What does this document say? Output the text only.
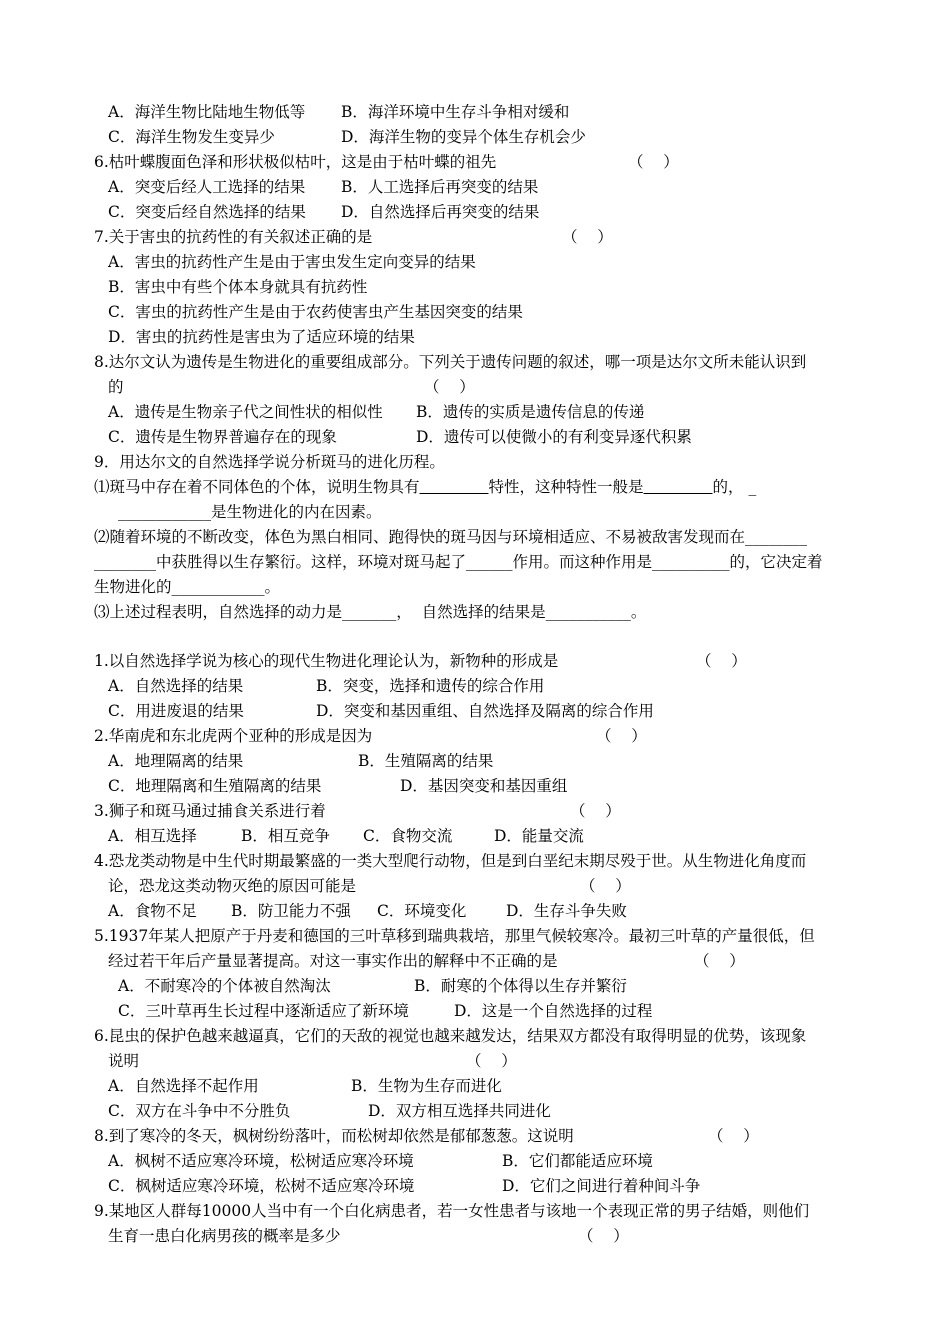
A．海洋生物比陆地生物低等 B．海洋环境中生存斗争相对缓和
C．海洋生物发生变异少	D．海洋生物的变异个体生存机会少
6.枯叶蝶腹面色泽和形状极似枯叶，这是由于枯叶蝶的祖先	（    ）
A．突变后经人工选择的结果 B．人工选择后再突变的结果
C．突变后经自然选择的结果 D．自然选择后再突变的结果
7.关于害虫的抗药性的有关叙述正确的是	（    ）
A．害虫的抗药性产生是由于害虫发生定向变异的结果
B．害虫中有些个体本身就具有抗药性
C．害虫的抗药性产生是由于农药使害虫产生基因突变的结果
D．害虫的抗药性是害虫为了适应环境的结果
8.达尔文认为遗传是生物进化的重要组成部分。下列关于遗传问题的叙述，哪一项是达尔文所未能认识到
的	（    ）
A．遗传是生物亲子代之间性状的相似性 B．遗传的实质是遗传信息的传递
C．遗传是生物界普遍存在的现象	D．遗传可以使微小的有利变异逐代积累
9．用达尔文的自然选择学说分析斑马的进化历程。
⑴斑马中存在着不同体色的个体，说明生物具有	特性，这种特性一般是	的， _
____________是生物进化的内在因素。
⑵随着环境的不断改变，体色为黑白相同、跑得快的斑马因与环境相适应、不易被敌害发现而在________
________中获胜得以生存繁衍。这样，环境对斑马起了______作用。而这种作用是__________的，它决定着
生物进化的____________。
⑶上述过程表明，自然选择的动力是_______，  自然选择的结果是___________。
1.以自然选择学说为核心的现代生物进化理论认为，新物种的形成是	（    ）
A．自然选择的结果	B．突变，选择和遗传的综合作用
C．用进废退的结果	D．突变和基因重组、自然选择及隔离的综合作用
2.华南虎和东北虎两个亚种的形成是因为	（    ）
A．地理隔离的结果	B．生殖隔离的结果
C．地理隔离和生殖隔离的结果	D．基因突变和基因重组
3.狮子和斑马通过捕食关系进行着	（    ）
A．相互选择	B．相互竞争 C．食物交流	D．能量交流
4.恐龙类动物是中生代时期最繁盛的一类大型爬行动物，但是到白垩纪末期尽殁于世。从生物进化角度而
论，恐龙这类动物灭绝的原因可能是	（    ）
A．食物不足 B．防卫能力不强 C．环境变化	D．生存斗争失败
5.1937年某人把原产于丹麦和德国的三叶草移到瑞典栽培，那里气候较寒冷。最初三叶草的产量很低，但
经过若干年后产量显著提高。对这一事实作出的解释中不正确的是	（    ）
A．不耐寒冷的个体被自然淘汰	B．耐寒的个体得以生存并繁衍
C．三叶草再生长过程中逐渐适应了新环境	D．这是一个自然选择的过程
6.昆虫的保护色越来越逼真，它们的天敌的视觉也越来越发达，结果双方都没有取得明显的优势，该现象
说明	（    ）
A．自然选择不起作用	B．生物为生存而进化
C．双方在斗争中不分胜负	D．双方相互选择共同进化
8.到了寒冷的冬天，枫树纷纷落叶，而松树却依然是郁郁葱葱。这说明	（    ）
A．枫树不适应寒冷环境，松树适应寒冷环境	B．它们都能适应环境
C．枫树适应寒冷环境，松树不适应寒冷环境	D．它们之间进行着种间斗争
9.某地区人群每10000人当中有一个白化病患者，若一女性患者与该地一个表现正常的男子结婚，则他们
生育一患白化病男孩的概率是多少	（    ）
